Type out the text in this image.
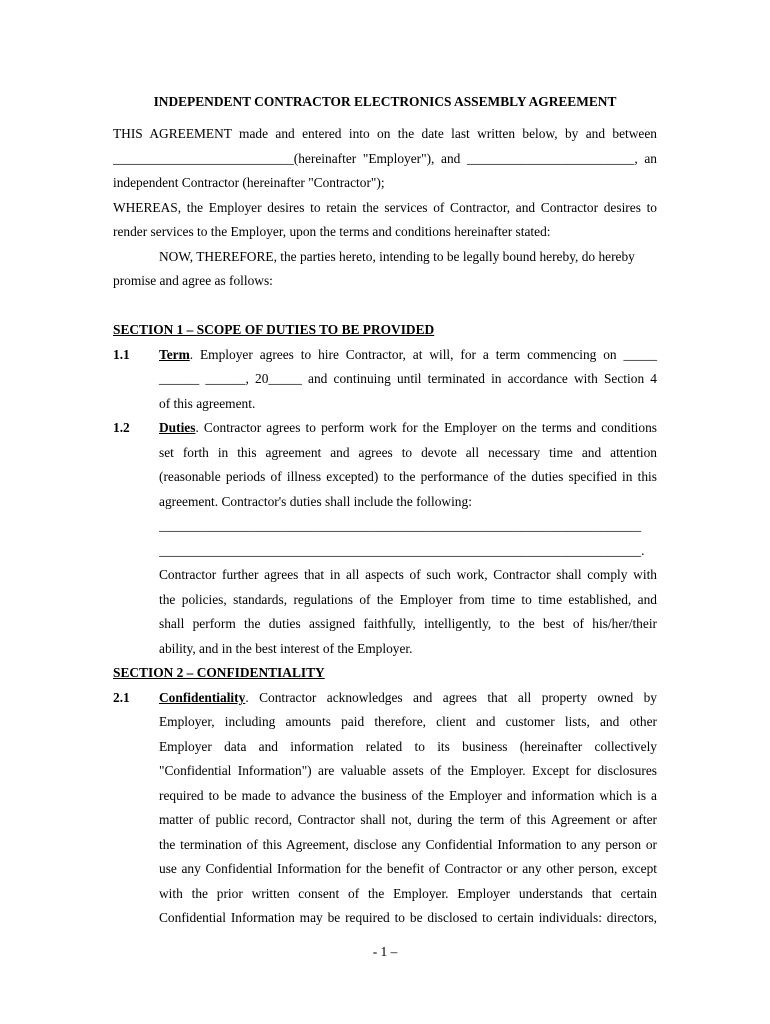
INDEPENDENT CONTRACTOR ELECTRONICS ASSEMBLY AGREEMENT
THIS AGREEMENT made and entered into on the date last written below, by and between
___________________________(hereinafter "Employer"), and _________________________, an
independent Contractor (hereinafter "Contractor");
WHEREAS, the Employer desires to retain the services of Contractor, and Contractor desires to
render services to the Employer, upon the terms and conditions hereinafter stated:
NOW, THEREFORE, the parties hereto, intending to be legally bound hereby, do hereby
promise and agree as follows:
SECTION 1 – SCOPE OF DUTIES TO BE PROVIDED
1.1 Term. Employer agrees to hire Contractor, at will, for a term commencing on _____
______ ______, 20_____ and continuing until terminated in accordance with Section 4
of this agreement.
1.2 Duties. Contractor agrees to perform work for the Employer on the terms and conditions
set forth in this agreement and agrees to devote all necessary time and attention
(reasonable periods of illness excepted) to the performance of the duties specified in this
agreement. Contractor's duties shall include the following:
________________________________________________________________________
________________________________________________________________________.
Contractor further agrees that in all aspects of such work, Contractor shall comply with
the policies, standards, regulations of the Employer from time to time established, and
shall perform the duties assigned faithfully, intelligently, to the best of his/her/their
ability, and in the best interest of the Employer.
SECTION 2 – CONFIDENTIALITY
2.1 Confidentiality. Contractor acknowledges and agrees that all property owned by
Employer, including amounts paid therefore, client and customer lists, and other
Employer data and information related to its business (hereinafter collectively
"Confidential Information") are valuable assets of the Employer. Except for disclosures
required to be made to advance the business of the Employer and information which is a
matter of public record, Contractor shall not, during the term of this Agreement or after
the termination of this Agreement, disclose any Confidential Information to any person or
use any Confidential Information for the benefit of Contractor or any other person, except
with the prior written consent of the Employer. Employer understands that certain
Confidential Information may be required to be disclosed to certain individuals: directors,
- 1 –
